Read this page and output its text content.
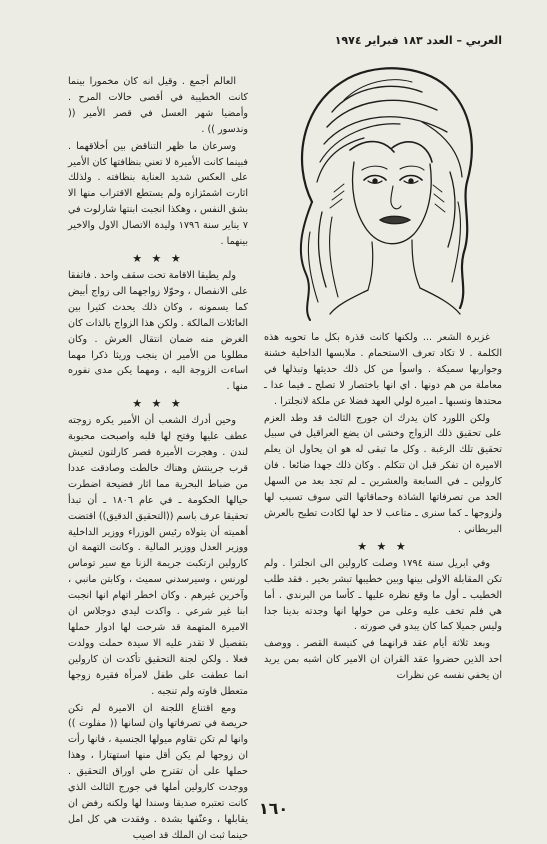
العربي – العدد ١٨٣ فبراير ١٩٧٤

العالم أجمع . وقيل انه كان مخمورا بينما كانت الخطيبة في أقصى حالات المرح . وأمضيا شهر العسل في قصر الأمير (( وندسور )) .

وسرعان ما ظهر التناقض بين أخلاقهما . فبينما كانت الأميرة لا تعني بنظافتها كان الأمير على العكس شديد العناية بنظافته . ولذلك اثارت اشمئزازه ولم يستطع الاقتراب منها الا بشق النفس ، وهكذا انجبت ابنتها شارلوت في ٧ يناير سنة ١٧٩٦ وليدة الاتصال الاول والاخير بينهما .

★ ★ ★

ولم يطيقا الاقامة تحت سقف واحد . فاتفقا على الانفصال ، وحوّلا زواجهما الى زواج أبيض كما يسمونه ، وكان ذلك يحدث كثيرا بين العائلات المالكة . ولكن هذا الزواج بالذات كان الغرض منه ضمان انتقال العرش . وكان مطلوبا من الأمير ان ينجب وريثا ذكرا مهما اساءت الزوجة اليه ، ومهما يكن مدى نفوره منها .

★ ★ ★

وحين أدرك الشعب أن الأمير يكره زوجته عطف عليها وفتح لها قلبه واصبحت محبوبة لندن . وهجرت الأميرة قصر كارلتون لتعيش قرب جرينتش وهناك خالطت وصادقت عددا من ضباط البحرية مما اثار فضيحة اضطرت حيالها الحكومة ـ في عام ١٨٠٦ ـ أن تبدأ تحقيقا عرف باسم ((التحقيق الدقيق)) اقتضت أهميته أن يتولاه رئيس الوزراء ووزير الداخلية ووزير العدل ووزير المالية . وكانت التهمة ان كارولين ارتكبت جريمة الزنا مع سير توماس لورنس ، وسيرسدني سميث ، وكابتن مانبي ، وآخرين غيرهم . وكان اخطر اتهام انها انجبت ابنا غير شرعي . واكدت ليدي دوجلاس ان الاميرة المتهمة قد شرحت لها ادوار حملها بتفصيل لا تقدر عليه الا سيدة حملت وولدت فعلا . ولكن لجنة التحقيق تأكدت ان كارولين انما عطفت على طفل لامرأة فقيرة زوجها متعطل فاوته ولم تنجبه .

ومع اقتناع اللجنة ان الاميرة لم تكن حريصة في تصرفاتها وان لسانها (( مفلوت )) وانها لم تكن تقاوم ميولها الجنسية ، فانها رأت ان زوجها لم يكن أقل منها استهتارا ، وهذا حملها على أن تقترح طي اوراق التحقيق . ووجدت كارولين أملها في جورج الثالث الذي كانت تعتبره صديقا وسندا لها ولكنه رفض ان يقابلها ، وعنّفها بشدة . وفقدت هي كل امل حينما ثبت ان الملك قد اصيب

غزيرة الشعر ... ولكنها كانت قذرة بكل ما تحويه هذه الكلمة . لا تكاد تعرف الاستحمام . ملابسها الداخلية خشنة وجواربها سميكة . واسوأ من كل ذلك حديثها وتبذلها في معاملة من هم دونها . اي انها باختصار لا تصلح ـ فيما عدا ـ محتدها ونسبها ـ اميرة لولي العهد فضلا عن ملكة لانجلترا .

ولكن اللورد كان يدرك ان جورج الثالث قد وطد العزم على تحقيق ذلك الزواج وخشى ان يضع العراقيل في سبيل تحقيق تلك الرغبة . وكل ما تبقى له هو ان يحاول ان يعلم الاميرة ان تفكر قبل ان تتكلم . وكان ذلك جهدا ضائعا . فان كارولين ـ في السابعة والعشرين ـ لم تجد بعد من السهل الحد من تصرفاتها الشاذة وحماقاتها التي سوف تسبب لها ولزوجها ـ كما سنرى ـ متاعب لا حد لها لكادت تطيح بالعرش البريطاني .

★ ★ ★

وفي ابريل سنة ١٧٩٤ وصلت كارولين الى انجلترا . ولم تكن المقابلة الاولى بينها وبين خطيبها تبشر بخير . فقد طلب الخطيب ـ أول ما وقع نظره عليها ـ كأسا من البرندي . أما هي فلم تخف عليه وعلى من حولها انها وجدته بدينا جدا وليس جميلا كما كان يبدو في صورته .

وبعد ثلاثة أيام عقد قرانهما في كنيسة القصر . ووصف احد الذين حضروا عقد القران ان الامير كان اشبه بمن يريد ان يخفي نفسه عن نظرات

١٦٠
